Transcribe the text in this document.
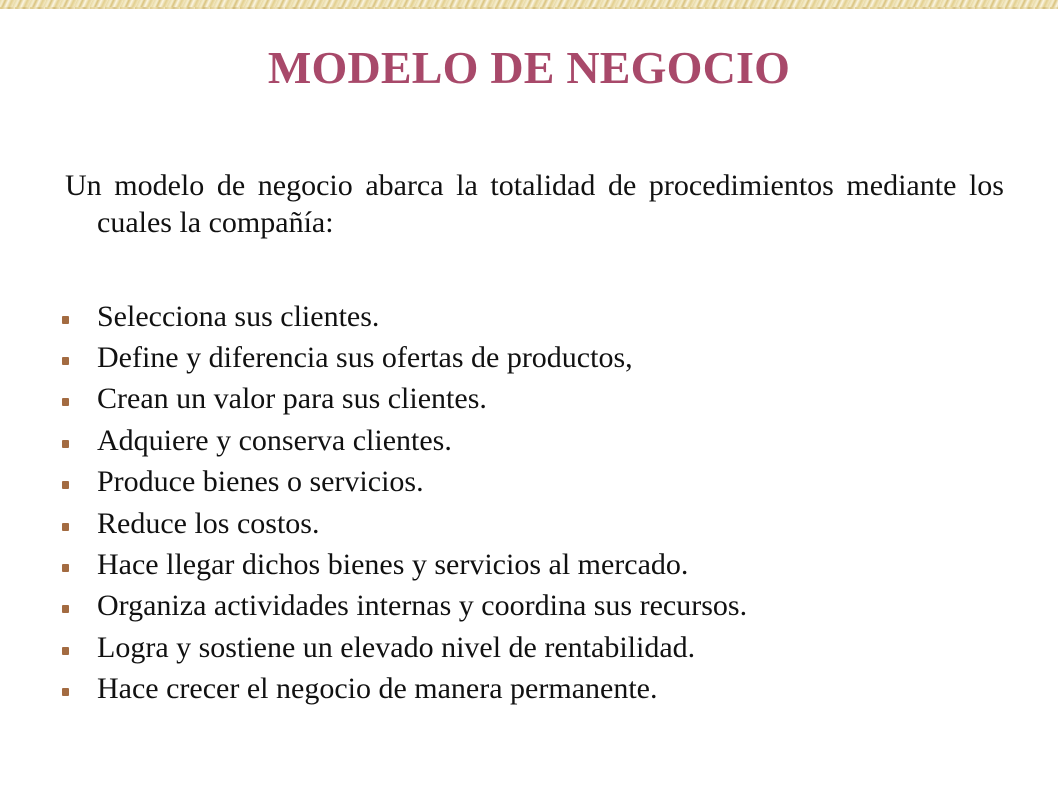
MODELO DE NEGOCIO

Un modelo de negocio abarca la totalidad de procedimientos mediante los cuales la compañía:

Selecciona sus clientes.
Define y diferencia sus ofertas de productos,
Crean un valor para sus clientes.
Adquiere y conserva clientes.
Produce bienes o servicios.
Reduce los costos.
Hace llegar dichos bienes y servicios al mercado.
Organiza actividades internas y coordina sus recursos.
Logra y sostiene un elevado nivel de rentabilidad.
Hace crecer el negocio de manera permanente.
